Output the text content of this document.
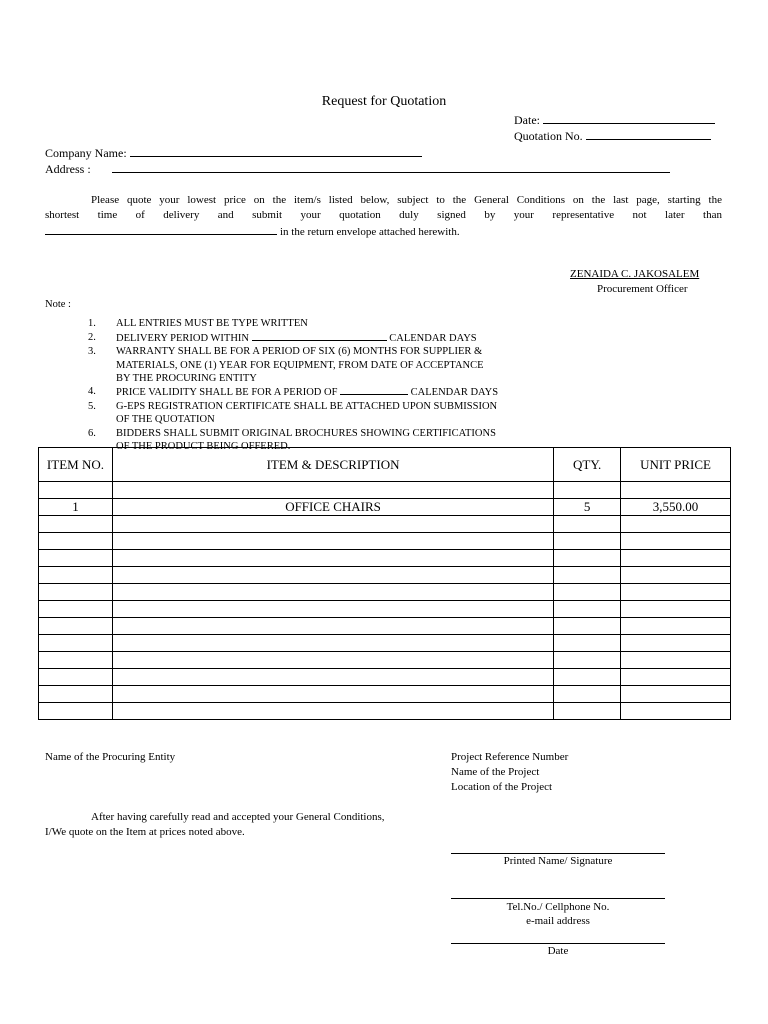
Request for Quotation
Date:
Quotation No.
Company Name:
Address :

Please quote your lowest price on the item/s listed below, subject to the General Conditions on the last page, starting the

shortest time of delivery and submit your quotation duly signed by your representative not later than

in the return envelope attached herewith.

ZENAIDA C. JAKOSALEM
Procurement Officer
Note :
1. ALL ENTRIES MUST BE TYPE WRITTEN
2. DELIVERY PERIOD WITHIN	CALENDAR DAYS
3. WARRANTY SHALL BE FOR A PERIOD OF SIX (6) MONTHS FOR SUPPLIER &
MATERIALS, ONE (1) YEAR FOR EQUIPMENT, FROM DATE OF ACCEPTANCE
BY THE PROCURING ENTITY
4. PRICE VALIDITY SHALL BE FOR A PERIOD OF	CALENDAR DAYS
5. G-EPS REGISTRATION CERTIFICATE SHALL BE ATTACHED UPON SUBMISSION
OF THE QUOTATION
6. BIDDERS SHALL SUBMIT ORIGINAL BROCHURES SHOWING CERTIFICATIONS
OF THE PRODUCT BEING OFFERED.
ITEM NO.	ITEM & DESCRIPTION	QTY.	UNIT PRICE

1	OFFICE CHAIRS	5	3,550.00

Name of the Procuring Entity	Project Reference Number
Name of the Project
Location of the Project
After having carefully read and accepted your General Conditions,
I/We quote on the Item at prices noted above.
Printed Name/ Signature
Tel.No./ Cellphone No.
e-mail address
Date
